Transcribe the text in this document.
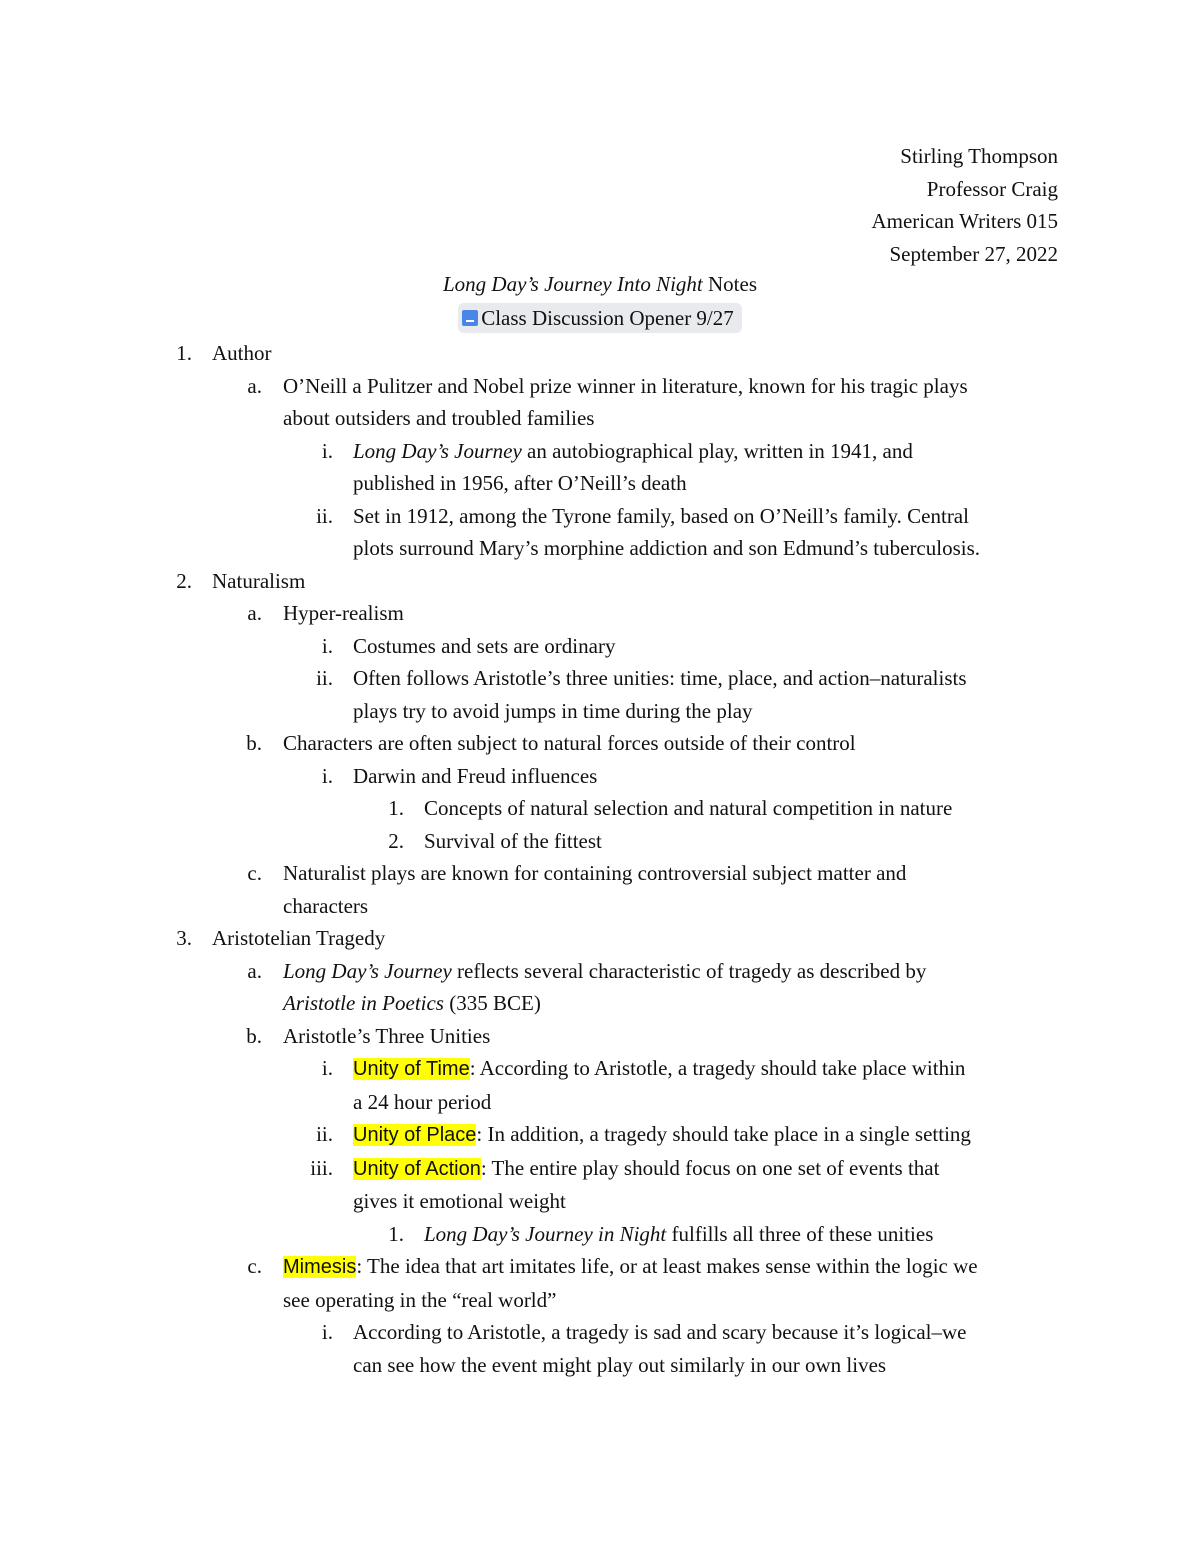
Stirling Thompson
Professor Craig
American Writers 015
September 27, 2022
Long Day’s Journey Into Night Notes
Class Discussion Opener 9/27
1. Author
a. O’Neill a Pulitzer and Nobel prize winner in literature, known for his tragic plays
about outsiders and troubled families
i. Long Day’s Journey an autobiographical play, written in 1941, and
published in 1956, after O’Neill’s death
ii. Set in 1912, among the Tyrone family, based on O’Neill’s family. Central
plots surround Mary’s morphine addiction and son Edmund’s tuberculosis.
2. Naturalism
a. Hyper-realism
i. Costumes and sets are ordinary
ii. Often follows Aristotle’s three unities: time, place, and action–naturalists
plays try to avoid jumps in time during the play
b. Characters are often subject to natural forces outside of their control
i. Darwin and Freud influences
1. Concepts of natural selection and natural competition in nature
2. Survival of the fittest
c. Naturalist plays are known for containing controversial subject matter and
characters
3. Aristotelian Tragedy
a. Long Day’s Journey reflects several characteristic of tragedy as described by
Aristotle in Poetics (335 BCE)
b. Aristotle’s Three Unities
i. Unity of Time: According to Aristotle, a tragedy should take place within
a 24 hour period
ii. Unity of Place: In addition, a tragedy should take place in a single setting
iii. Unity of Action: The entire play should focus on one set of events that
gives it emotional weight
1. Long Day’s Journey in Night fulfills all three of these unities
c. Mimesis: The idea that art imitates life, or at least makes sense within the logic we
see operating in the “real world”
i. According to Aristotle, a tragedy is sad and scary because it’s logical–we
can see how the event might play out similarly in our own lives
